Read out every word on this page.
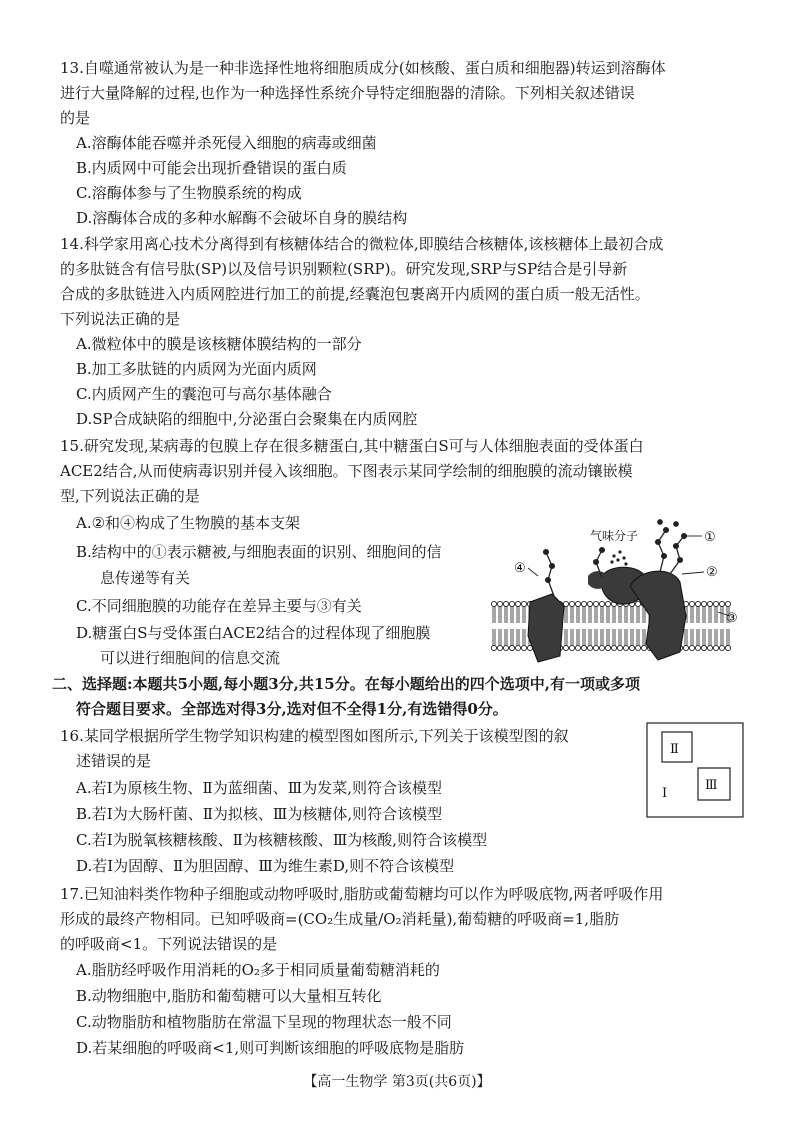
13.自噬通常被认为是一种非选择性地将细胞质成分(如核酸、蛋白质和细胞器)转运到溶酶体
进行大量降解的过程,也作为一种选择性系统介导特定细胞器的清除。下列相关叙述错误
的是
A.溶酶体能吞噬并杀死侵入细胞的病毒或细菌
B.内质网中可能会出现折叠错误的蛋白质
C.溶酶体参与了生物膜系统的构成
D.溶酶体合成的多种水解酶不会破坏自身的膜结构
14.科学家用离心技术分离得到有核糖体结合的微粒体,即膜结合核糖体,该核糖体上最初合成
的多肽链含有信号肽(SP)以及信号识别颗粒(SRP)。研究发现,SRP与SP结合是引导新
合成的多肽链进入内质网腔进行加工的前提,经囊泡包裹离开内质网的蛋白质一般无活性。
下列说法正确的是
A.微粒体中的膜是该核糖体膜结构的一部分
B.加工多肽链的内质网为光面内质网
C.内质网产生的囊泡可与高尔基体融合
D.SP合成缺陷的细胞中,分泌蛋白会聚集在内质网腔
15.研究发现,某病毒的包膜上存在很多糖蛋白,其中糖蛋白S可与人体细胞表面的受体蛋白
ACE2结合,从而使病毒识别并侵入该细胞。下图表示某同学绘制的细胞膜的流动镶嵌模
型,下列说法正确的是
A.②和④构成了生物膜的基本支架
B.结构中的①表示糖被,与细胞表面的识别、细胞间的信
息传递等有关
C.不同细胞膜的功能存在差异主要与③有关
D.糖蛋白S与受体蛋白ACE2结合的过程体现了细胞膜
可以进行细胞间的信息交流
气味分子	①
②
③
④
二、选择题:本题共5小题,每小题3分,共15分。在每小题给出的四个选项中,有一项或多项
符合题目要求。全部选对得3分,选对但不全得1分,有选错得0分。
16.某同学根据所学生物学知识构建的模型图如图所示,下列关于该模型图的叙
述错误的是
A.若Ⅰ为原核生物、Ⅱ为蓝细菌、Ⅲ为发菜,则符合该模型
B.若Ⅰ为大肠杆菌、Ⅱ为拟核、Ⅲ为核糖体,则符合该模型
C.若Ⅰ为脱氧核糖核酸、Ⅱ为核糖核酸、Ⅲ为核酸,则符合该模型
D.若Ⅰ为固醇、Ⅱ为胆固醇、Ⅲ为维生素D,则不符合该模型
Ⅱ
Ⅲ
Ⅰ
17.已知油料类作物种子细胞或动物呼吸时,脂肪或葡萄糖均可以作为呼吸底物,两者呼吸作用
形成的最终产物相同。已知呼吸商=(CO₂生成量/O₂消耗量),葡萄糖的呼吸商=1,脂肪
的呼吸商<1。下列说法错误的是
A.脂肪经呼吸作用消耗的O₂多于相同质量葡萄糖消耗的
B.动物细胞中,脂肪和葡萄糖可以大量相互转化
C.动物脂肪和植物脂肪在常温下呈现的物理状态一般不同
D.若某细胞的呼吸商<1,则可判断该细胞的呼吸底物是脂肪
【高一生物学 第3页(共6页)】
